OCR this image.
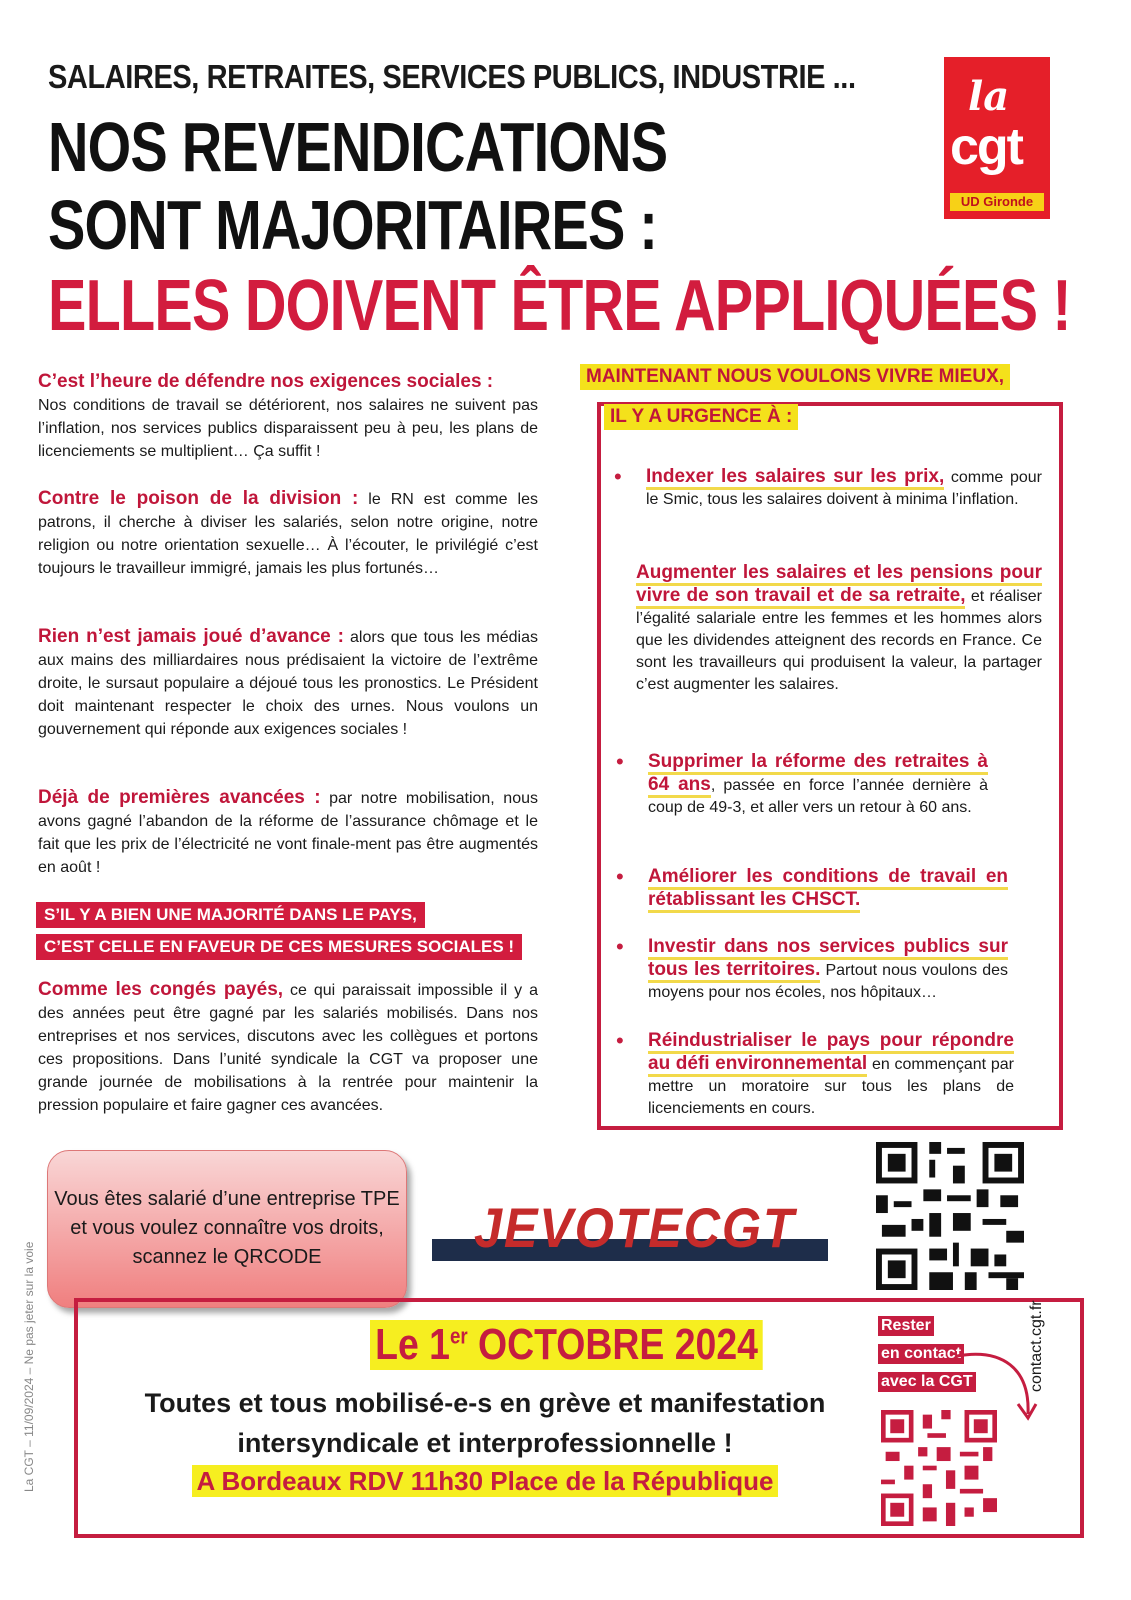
SALAIRES, RETRAITES, SERVICES PUBLICS, INDUSTRIE ...
NOS REVENDICATIONS
SONT MAJORITAIRES :
ELLES DOIVENT ÊTRE APPLIQUÉES !
la
cgt
UD Gironde
C’est l’heure de défendre nos exigences sociales :
Nos conditions de travail se détériorent, nos salaires ne suivent pas l’inflation, nos services publics disparaissent peu à peu, les plans de licenciements se multiplient… Ça suffit !
Contre le poison de la division : le RN est comme les patrons, il cherche à diviser les salariés, selon notre origine, notre religion ou notre orientation sexuelle… À l’écouter, le privilégié c’est toujours le travailleur immigré, jamais les plus fortunés…
Rien n’est jamais joué d’avance : alors que tous les médias aux mains des milliardaires nous prédisaient la victoire de l’extrême droite, le sursaut populaire a déjoué tous les pronostics. Le Président doit maintenant respecter le choix des urnes. Nous voulons un gouvernement qui réponde aux exigences sociales !
Déjà de premières avancées : par notre mobilisation, nous avons gagné l’abandon de la réforme de l’assurance chômage et le fait que les prix de l’électricité ne vont finale-ment pas être augmentés en août !
S’IL Y A BIEN UNE MAJORITÉ DANS LE PAYS,
C’EST CELLE EN FAVEUR DE CES MESURES SOCIALES !
Comme les congés payés, ce qui paraissait impossible il y a des années peut être gagné par les salariés mobilisés. Dans nos entreprises et nos services, discutons avec les collègues et portons ces propositions. Dans l’unité syndicale la CGT va proposer une grande journée de mobilisations à la rentrée pour maintenir la pression populaire et faire gagner ces avancées.
MAINTENANT NOUS VOULONS VIVRE MIEUX,
IL Y A URGENCE À :
• Indexer les salaires sur les prix, comme pour le Smic, tous les salaires doivent à minima l’inflation.
Augmenter les salaires et les pensions pour vivre de son travail et de sa retraite, et réaliser l’égalité salariale entre les femmes et les hommes alors que les dividendes atteignent des records en France. Ce sont les travailleurs qui produisent la valeur, la partager c’est augmenter les salaires.
• Supprimer la réforme des retraites à 64 ans, passée en force l’année dernière à coup de 49-3, et aller vers un retour à 60 ans.
• Améliorer les conditions de travail en rétablissant les CHSCT.
• Investir dans nos services publics sur tous les territoires. Partout nous voulons des moyens pour nos écoles, nos hôpitaux…
• Réindustrialiser le pays pour répondre au défi environnemental en commençant par mettre un moratoire sur tous les plans de licenciements en cours.
Vous êtes salarié d’une entreprise TPE
et vous voulez connaître vos droits,
scannez le QRCODE	JEVOTECGT
Le 1er OCTOBRE 2024
Toutes et tous mobilisé-e-s en grève et manifestation
intersyndicale et interprofessionnelle !
A Bordeaux RDV 11h30 Place de la République
Rester
en contact
avec la CGT	contact.cgt.fr
La CGT – 11/09/2024 – Ne pas jeter sur la voie
